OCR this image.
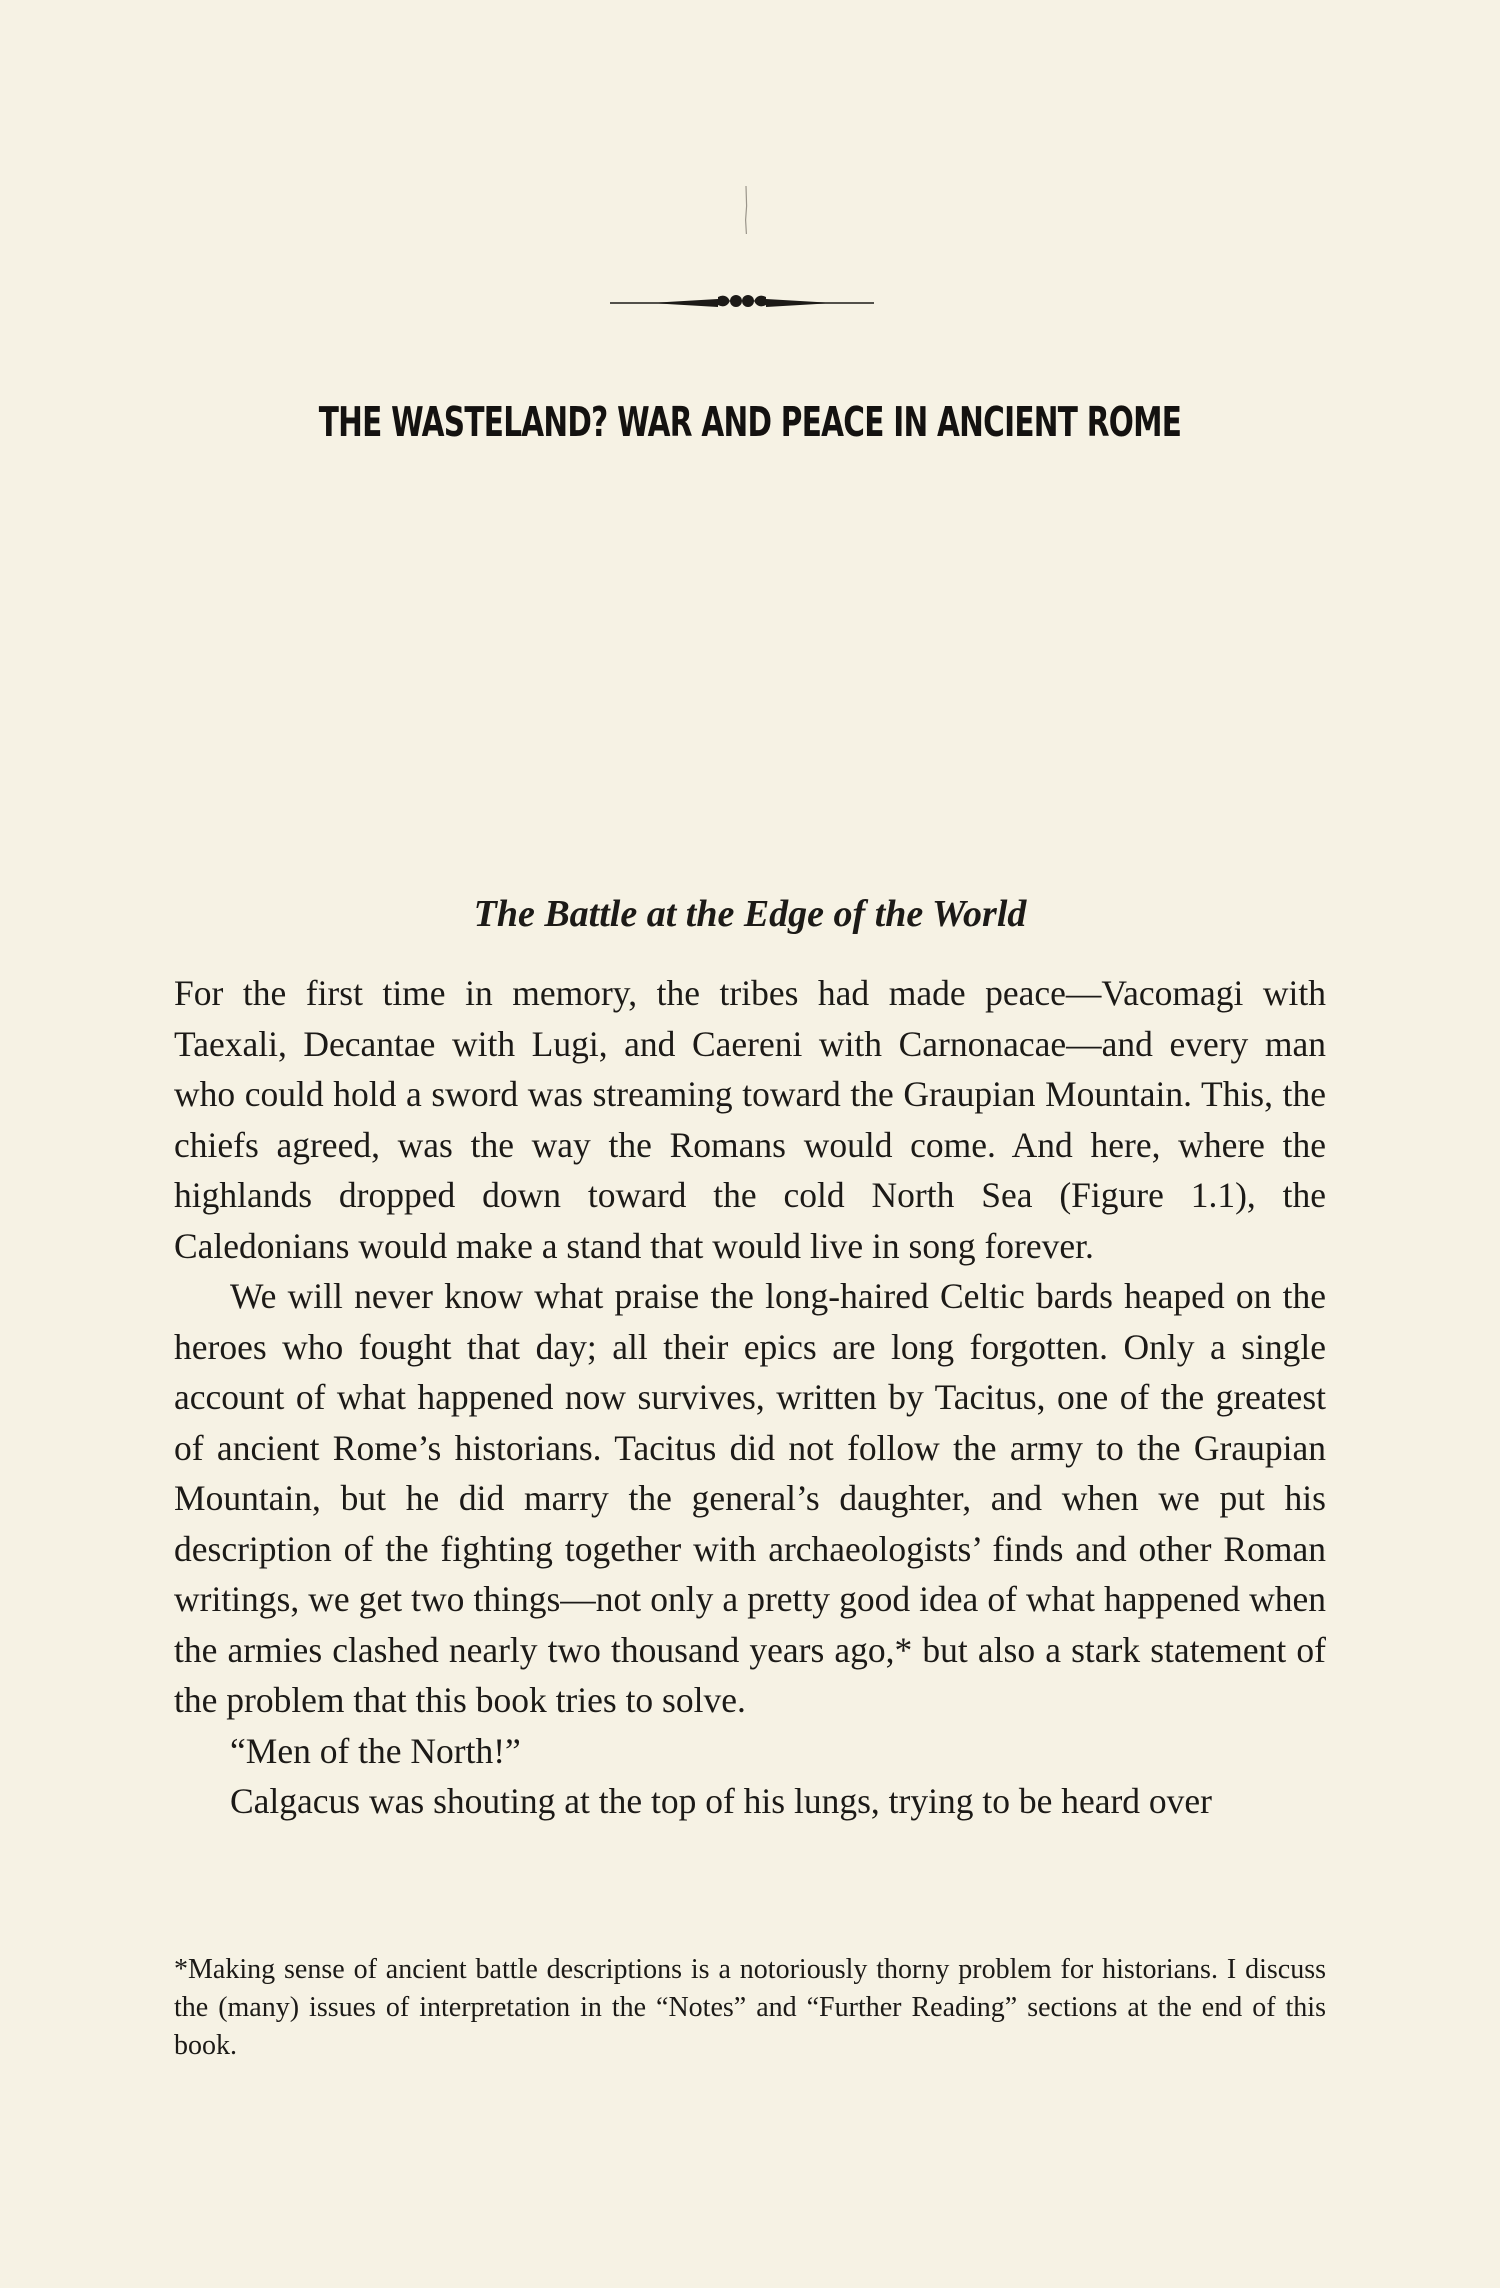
THE WASTELAND? WAR AND PEACE IN ANCIENT ROME
The Battle at the Edge of the World

For the first time in memory, the tribes had made peace—Vacomagi with Taexali, Decantae with Lugi, and Caereni with Carnonacae—and every man who could hold a sword was streaming toward the Graupian Mountain. This, the chiefs agreed, was the way the Romans would come. And here, where the highlands dropped down toward the cold North Sea (Figure 1.1), the Caledonians would make a stand that would live in song forever.

We will never know what praise the long-haired Celtic bards heaped on the heroes who fought that day; all their epics are long forgotten. Only a single account of what happened now survives, written by Tacitus, one of the greatest of ancient Rome’s historians. Tacitus did not follow the army to the Graupian Mountain, but he did marry the general’s daughter, and when we put his description of the fighting together with archaeologists’ finds and other Roman writings, we get two things—not only a pretty good idea of what happened when the armies clashed nearly two thousand years ago,* but also a stark statement of the problem that this book tries to solve.

“Men of the North!”

Calgacus was shouting at the top of his lungs, trying to be heard over

*Making sense of ancient battle descriptions is a notoriously thorny problem for historians. I discuss the (many) issues of interpretation in the “Notes” and “Further Reading” sections at the end of this book.
